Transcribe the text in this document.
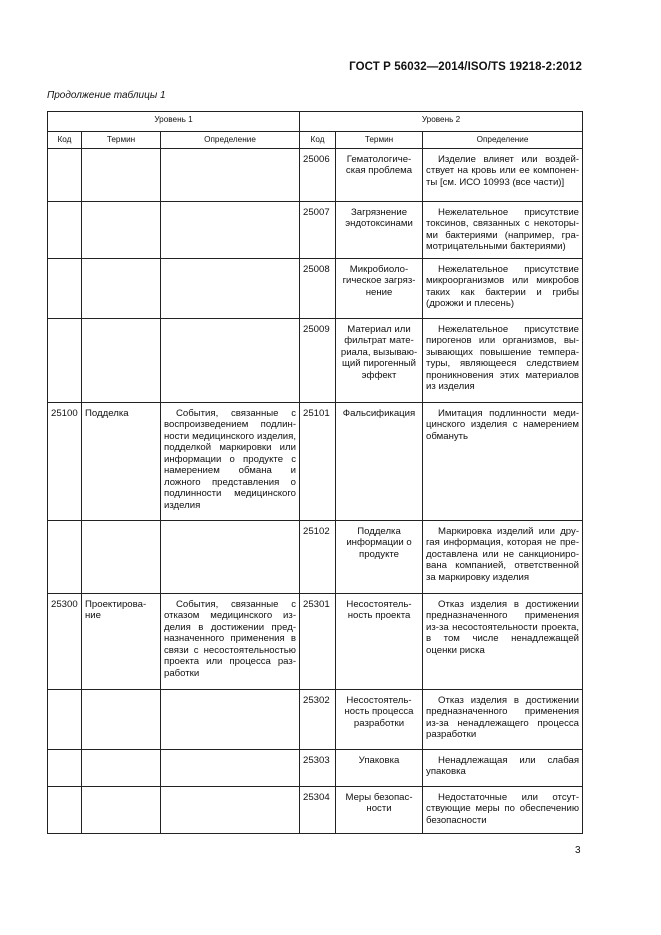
ГОСТ Р 56032—2014/ISO/TS 19218-2:2012
Продолжение таблицы 1
Уровень 1			Уровень 2		
Код	Термин	Определение	Код	Термин	Определение
			25006	Гематологическая проблема	Изделие влияет или воздействует на кровь или ее компоненты [см. ИСО 10993 (все части)]
			25007	Загрязнение эндотоксинами	Нежелательное присутствие токсинов, связанных с некоторыми бактериями (например, грамотрицательными бактериями)
			25008	Микробиологическое загрязнение	Нежелательное присутствие микроорганизмов или микробов таких как бактерии и грибы (дрожжи и плесень)
			25009	Материал или фильтрат материала, вызывающий пирогенный эффект	Нежелательное присутствие пирогенов или организмов, вызывающих повышение температуры, являющееся следствием проникновения этих материалов из изделия
25100	Подделка	События, связанные с воспроизведением подлинности медицинского изделия, подделкой маркировки или информации о продукте с намерением обмана и ложного представления о подлинности медицинского изделия	25101	Фальсификация	Имитация подлинности медицинского изделия с намерением обмануть
			25102	Подделка информации о продукте	Маркировка изделий или другая информация, которая не предоставлена или не санкционирована компанией, ответственной за маркировку изделия
25300	Проектирование	События, связанные с отказом медицинского изделия в достижении предназначенного применения в связи с несостоятельностью проекта или процесса разработки	25301	Несостоятельность проекта	Отказ изделия в достижении предназначенного применения из-за несостоятельности проекта, в том числе ненадлежащей оценки риска
			25302	Несостоятельность процесса разработки	Отказ изделия в достижении предназначенного применения из-за ненадлежащего процесса разработки
			25303	Упаковка	Ненадлежащая или слабая упаковка
			25304	Меры безопасности	Недостаточные или отсутствующие меры по обеспечению безопасности
3
